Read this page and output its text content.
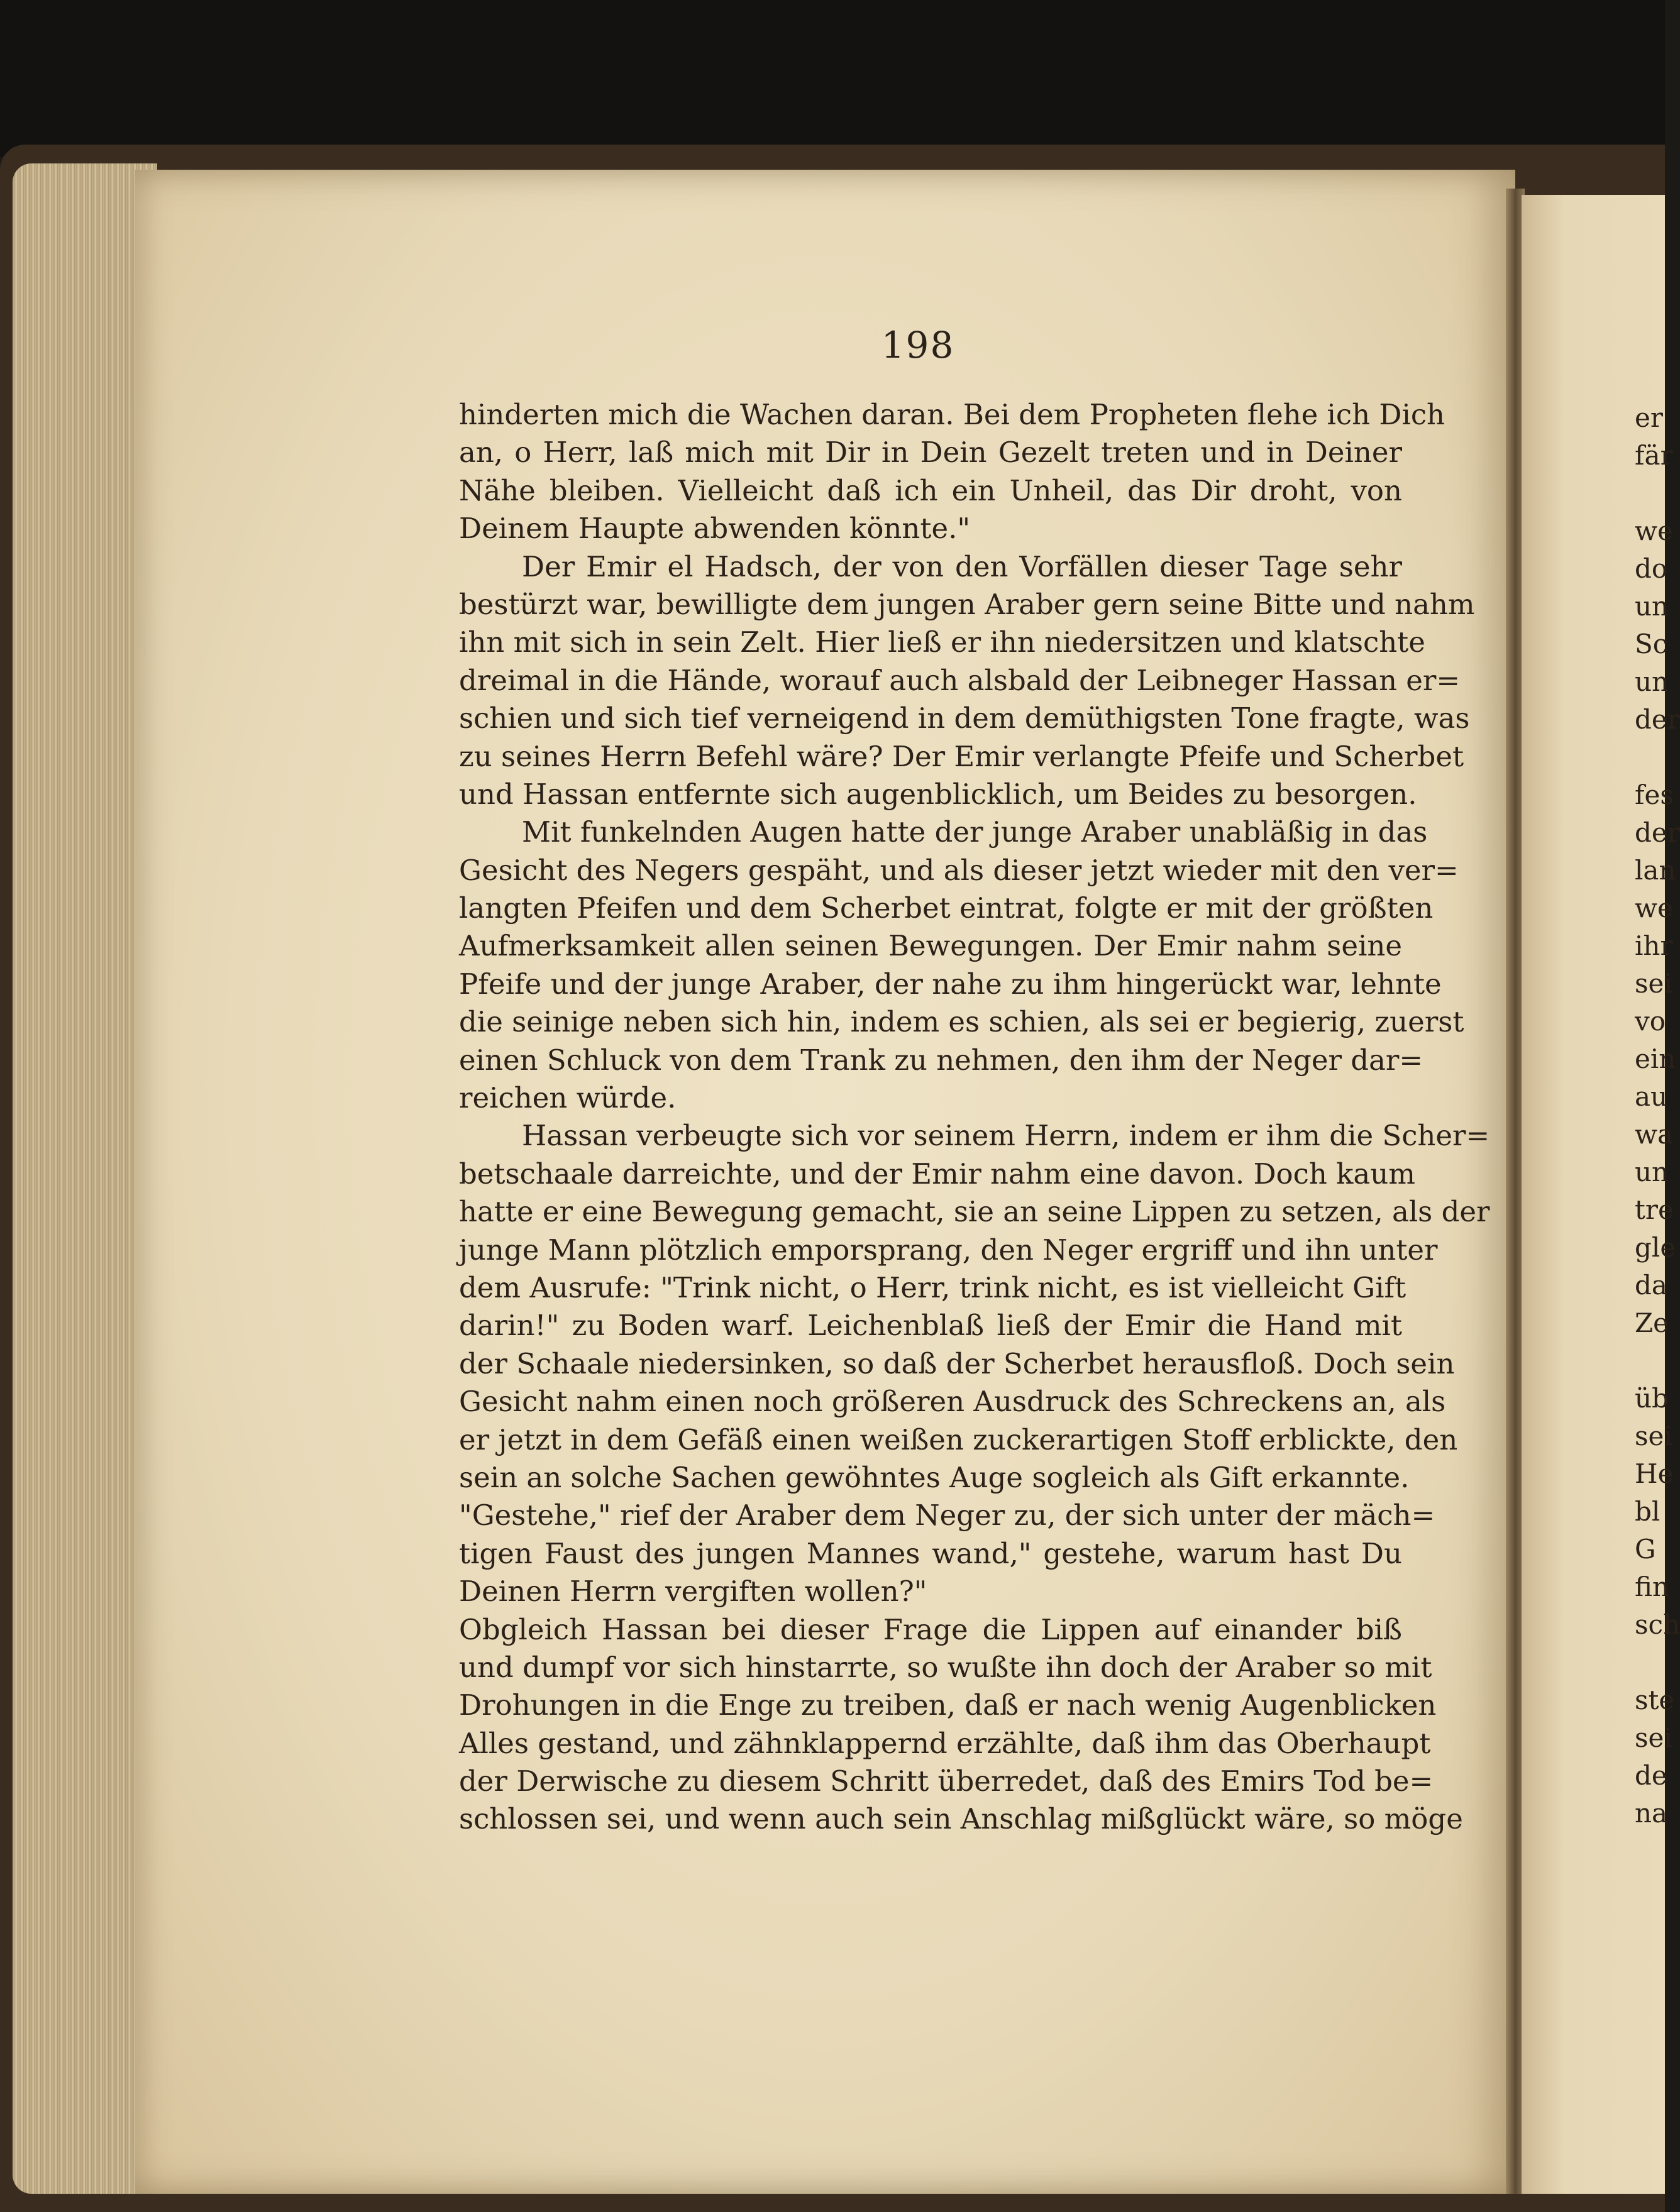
198
hinderten mich die Wachen daran. Bei dem Propheten flehe ich Dich
an, o Herr, laß mich mit Dir in Dein Gezelt treten und in Deiner
Nähe bleiben. Vielleicht daß ich ein Unheil, das Dir droht, von
Deinem Haupte abwenden könnte."
Der Emir el Hadsch, der von den Vorfällen dieser Tage sehr
bestürzt war, bewilligte dem jungen Araber gern seine Bitte und nahm
ihn mit sich in sein Zelt. Hier ließ er ihn niedersitzen und klatschte
dreimal in die Hände, worauf auch alsbald der Leibneger Hassan er=
schien und sich tief verneigend in dem demüthigsten Tone fragte, was
zu seines Herrn Befehl wäre? Der Emir verlangte Pfeife und Scherbet
und Hassan entfernte sich augenblicklich, um Beides zu besorgen.
Mit funkelnden Augen hatte der junge Araber unabläßig in das
Gesicht des Negers gespäht, und als dieser jetzt wieder mit den ver=
langten Pfeifen und dem Scherbet eintrat, folgte er mit der größten
Aufmerksamkeit allen seinen Bewegungen. Der Emir nahm seine
Pfeife und der junge Araber, der nahe zu ihm hingerückt war, lehnte
die seinige neben sich hin, indem es schien, als sei er begierig, zuerst
einen Schluck von dem Trank zu nehmen, den ihm der Neger dar=
reichen würde.
Hassan verbeugte sich vor seinem Herrn, indem er ihm die Scher=
betschaale darreichte, und der Emir nahm eine davon. Doch kaum
hatte er eine Bewegung gemacht, sie an seine Lippen zu setzen, als der
junge Mann plötzlich emporsprang, den Neger ergriff und ihn unter
dem Ausrufe: "Trink nicht, o Herr, trink nicht, es ist vielleicht Gift
darin!" zu Boden warf. Leichenblaß ließ der Emir die Hand mit
der Schaale niedersinken, so daß der Scherbet herausfloß. Doch sein
Gesicht nahm einen noch größeren Ausdruck des Schreckens an, als
er jetzt in dem Gefäß einen weißen zuckerartigen Stoff erblickte, den
sein an solche Sachen gewöhntes Auge sogleich als Gift erkannte.
"Gestehe," rief der Araber dem Neger zu, der sich unter der mäch=
tigen Faust des jungen Mannes wand," gestehe, warum hast Du
Deinen Herrn vergiften wollen?"
Obgleich Hassan bei dieser Frage die Lippen auf einander biß
und dumpf vor sich hinstarrte, so wußte ihn doch der Araber so mit
Drohungen in die Enge zu treiben, daß er nach wenig Augenblicken
Alles gestand, und zähnklappernd erzählte, daß ihm das Oberhaupt
der Derwische zu diesem Schritt überredet, daß des Emirs Tod be=
schlossen sei, und wenn auch sein Anschlag mißglückt wäre, so möge
er
fär
we
do
un
Sc
un
der
fes
der
lan
we
ihr
sei
vo
ein
au
wa
un
tre
gle
da
Ze
üb
sei
He
bl
G
fin
sch
ste
sei
de
na
